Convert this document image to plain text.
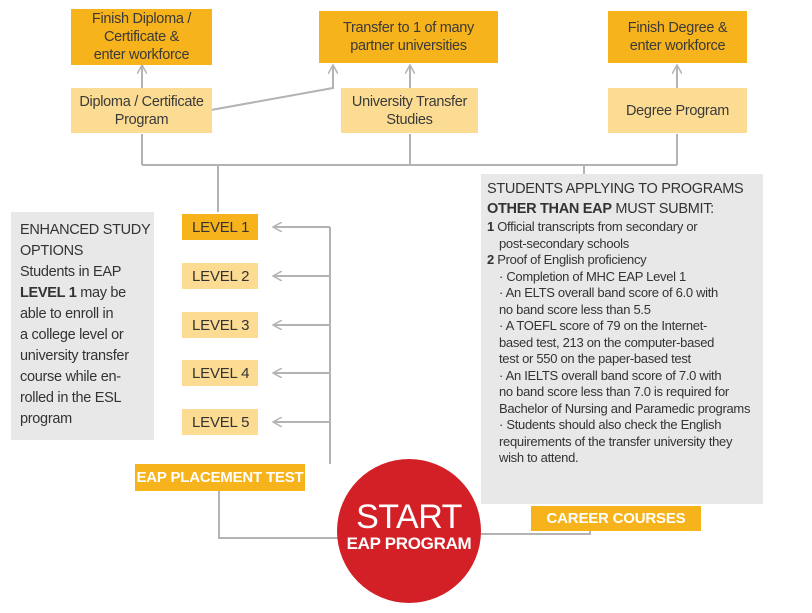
Finish Diploma /
Certificate &
enter workforce
Transfer to 1 of many
partner universities
Finish Degree &
enter workforce
Diploma / Certificate
Program
University Transfer
Studies
Degree Program
LEVEL 1
LEVEL 2
LEVEL 3
LEVEL 4
LEVEL 5
EAP PLACEMENT TEST
CAREER COURSES
ENHANCED STUDY
OPTIONS
Students in EAP
LEVEL 1 may be
able to enroll in
a college level or
university transfer
course while en-
rolled in the ESL
program
STUDENTS APPLYING TO PROGRAMS
OTHER THAN EAP MUST SUBMIT:
1 Official transcripts from secondary or
post-secondary schools
2 Proof of English proficiency
· Completion of MHC EAP Level 1
· An ELTS overall band score of 6.0 with
no band score less than 5.5
· A TOEFL score of 79 on the Internet-
based test, 213 on the computer-based
test or 550 on the paper-based test
· An IELTS overall band score of 7.0 with
no band score less than 7.0 is required for
Bachelor of Nursing and Paramedic programs
· Students should also check the English
requirements of the transfer university they
wish to attend.
START
EAP PROGRAM
